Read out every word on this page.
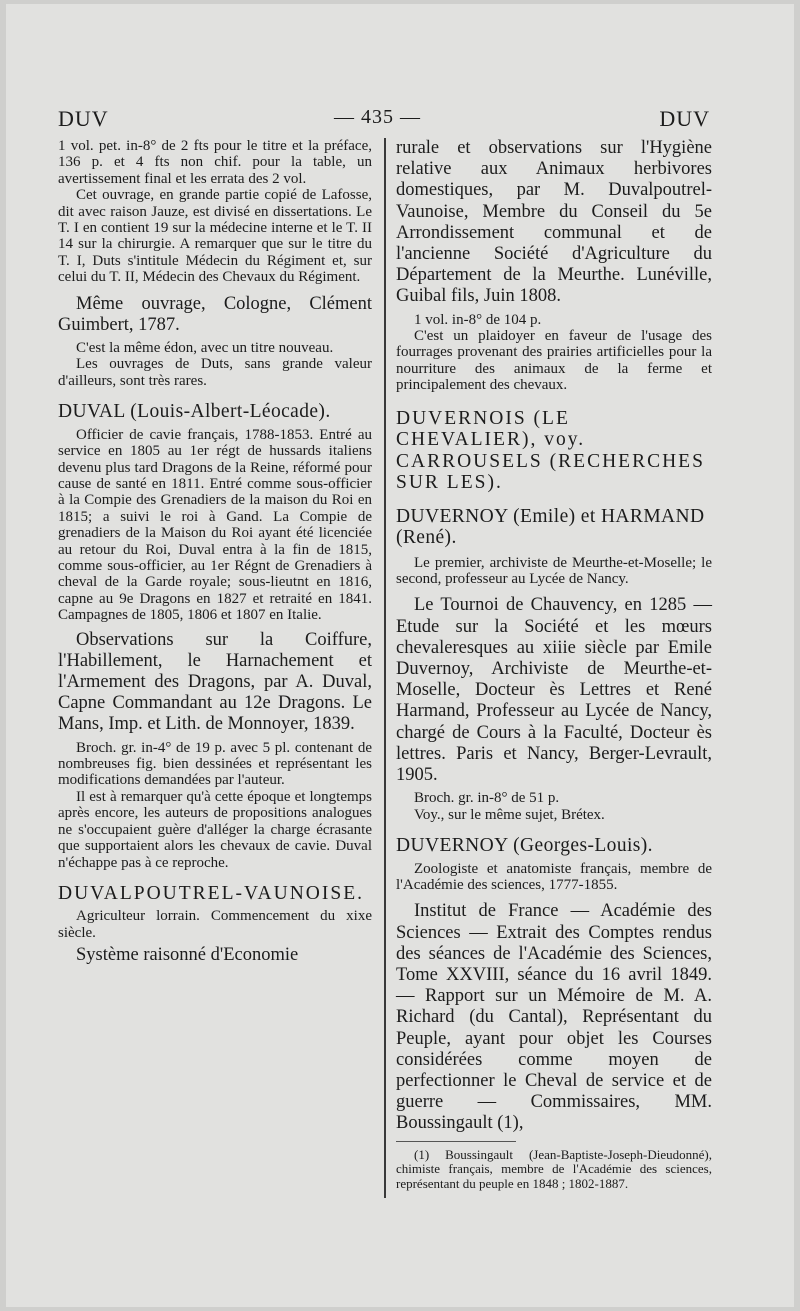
DUV	— 435 —	DUV

1 vol. pet. in-8° de 2 fts pour le titre et la préface, 136 p. et 4 fts non chif. pour la table, un avertissement final et les errata des 2 vol.

Cet ouvrage, en grande partie copié de Lafosse, dit avec raison Jauze, est divisé en dissertations. Le T. I en contient 19 sur la médecine interne et le T. II 14 sur la chirurgie. A remarquer que sur le titre du T. I, Duts s'intitule Médecin du Régiment et, sur celui du T. II, Médecin des Chevaux du Régiment.

Même ouvrage, Cologne, Clément Guimbert, 1787.

C'est la même édon, avec un titre nouveau.

Les ouvrages de Duts, sans grande valeur d'ailleurs, sont très rares.

DUVAL (Louis-Albert-Léocade).

Officier de cavie français, 1788-1853. Entré au service en 1805 au 1er régt de hussards italiens devenu plus tard Dragons de la Reine, réformé pour cause de santé en 1811. Entré comme sous-officier à la Compie des Grenadiers de la maison du Roi en 1815; a suivi le roi à Gand. La Compie de grenadiers de la Maison du Roi ayant été licenciée au retour du Roi, Duval entra à la fin de 1815, comme sous-officier, au 1er Régnt de Grenadiers à cheval de la Garde royale; sous-lieutnt en 1816, capne au 9e Dragons en 1827 et retraité en 1841. Campagnes de 1805, 1806 et 1807 en Italie.

Observations sur la Coiffure, l'Habillement, le Harnachement et l'Armement des Dragons, par A. Duval, Capne Commandant au 12e Dragons. Le Mans, Imp. et Lith. de Monnoyer, 1839.

Broch. gr. in-4° de 19 p. avec 5 pl. contenant de nombreuses fig. bien dessinées et représentant les modifications demandées par l'auteur.

Il est à remarquer qu'à cette époque et longtemps après encore, les auteurs de propositions analogues ne s'occupaient guère d'alléger la charge écrasante que supportaient alors les chevaux de cavie. Duval n'échappe pas à ce reproche.

DUVALPOUTREL-VAUNOISE.

Agriculteur lorrain. Commencement du xixe siècle.

Système raisonné d'Economie

rurale et observations sur l'Hygiène relative aux Animaux herbivores domestiques, par M. Duvalpoutrel-Vaunoise, Membre du Conseil du 5e Arrondissement communal et de l'ancienne Société d'Agriculture du Département de la Meurthe. Lunéville, Guibal fils, Juin 1808.

1 vol. in-8° de 104 p.

C'est un plaidoyer en faveur de l'usage des fourrages provenant des prairies artificielles pour la nourriture des animaux de la ferme et principalement des chevaux.

DUVERNOIS (LE CHEVALIER), voy. CARROUSELS (RECHERCHES SUR LES).

DUVERNOY (Emile) et HARMAND (René).

Le premier, archiviste de Meurthe-et-Moselle; le second, professeur au Lycée de Nancy.

Le Tournoi de Chauvency, en 1285 — Etude sur la Société et les mœurs chevaleresques au xiiie siècle par Emile Duvernoy, Archiviste de Meurthe-et-Moselle, Docteur ès Lettres et René Harmand, Professeur au Lycée de Nancy, chargé de Cours à la Faculté, Docteur ès lettres. Paris et Nancy, Berger-Levrault, 1905.

Broch. gr. in-8° de 51 p.

Voy., sur le même sujet, Brétex.

DUVERNOY (Georges-Louis).

Zoologiste et anatomiste français, membre de l'Académie des sciences, 1777-1855.

Institut de France — Académie des Sciences — Extrait des Comptes rendus des séances de l'Académie des Sciences, Tome XXVIII, séance du 16 avril 1849. — Rapport sur un Mémoire de M. A. Richard (du Cantal), Représentant du Peuple, ayant pour objet les Courses considérées comme moyen de perfectionner le Cheval de service et de guerre — Commissaires, MM. Boussingault (1),

(1) Boussingault (Jean-Baptiste-Joseph-Dieudonné), chimiste français, membre de l'Académie des sciences, représentant du peuple en 1848 ; 1802-1887.
